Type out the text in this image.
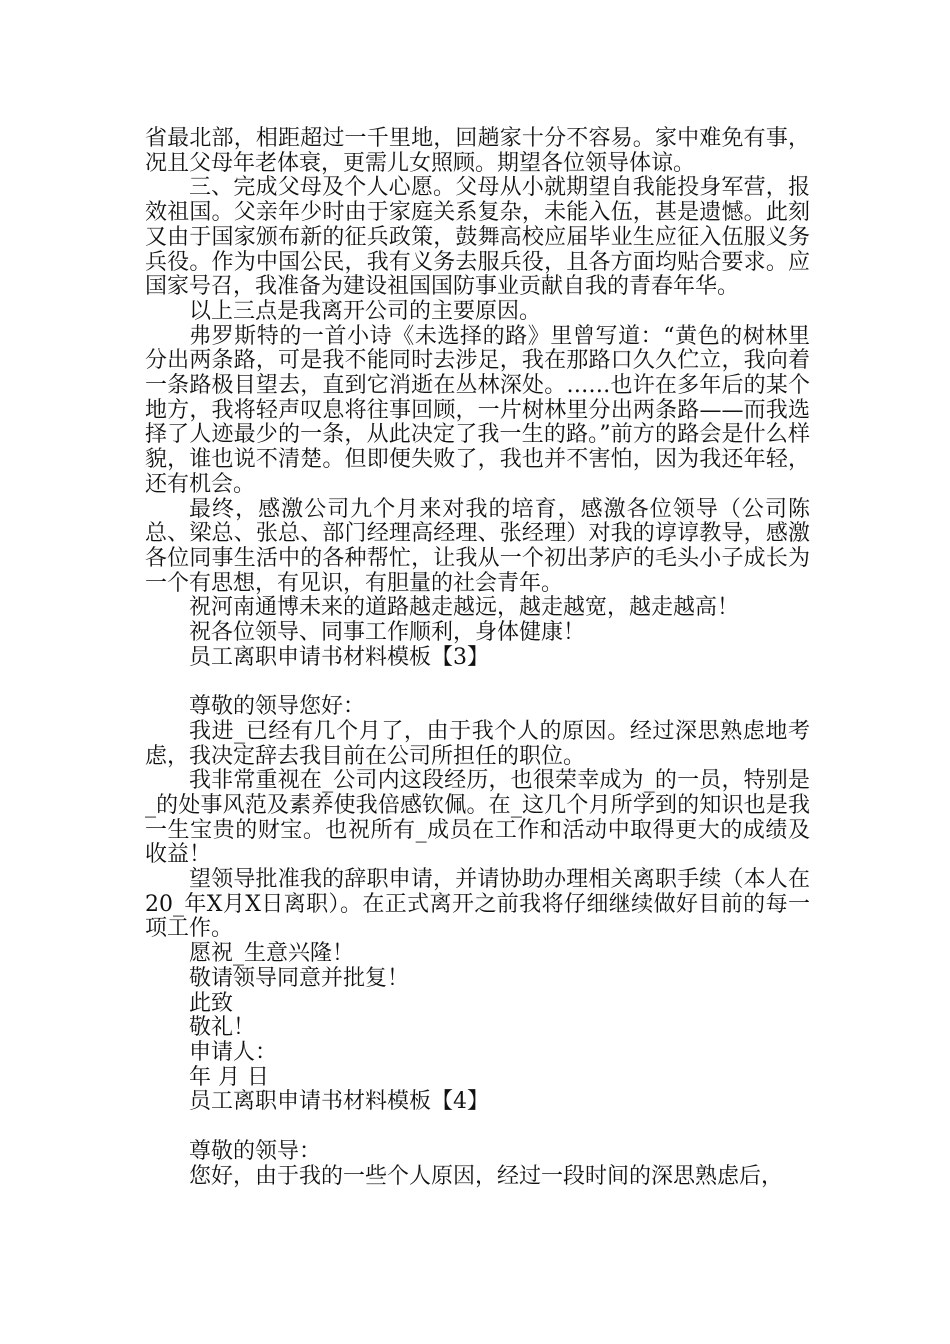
省最北部，相距超过一千里地，回趟家十分不容易。家中难免有事，况且父母年老体衰，更需儿女照顾。期望各位领导体谅。

三、完成父母及个人心愿。父母从小就期望自我能投身军营，报效祖国。父亲年少时由于家庭关系复杂，未能入伍，甚是遗憾。此刻又由于国家颁布新的征兵政策，鼓舞高校应届毕业生应征入伍服义务兵役。作为中国公民，我有义务去服兵役，且各方面均贴合要求。应国家号召，我准备为建设祖国国防事业贡献自我的青春年华。

以上三点是我离开公司的主要原因。

弗罗斯特的一首小诗《未选择的路》里曾写道：“黄色的树林里分出两条路，可是我不能同时去涉足，我在那路口久久伫立，我向着一条路极目望去，直到它消逝在丛林深处。……也许在多年后的某个地方，我将轻声叹息将往事回顾，一片树林里分出两条路——而我选择了人迹最少的一条，从此决定了我一生的路。”前方的路会是什么样貌，谁也说不清楚。但即便失败了，我也并不害怕，因为我还年轻，还有机会。

最终，感激公司九个月来对我的培育，感激各位领导（公司陈总、梁总、张总、部门经理高经理、张经理）对我的谆谆教导，感激各位同事生活中的各种帮忙，让我从一个初出茅庐的毛头小子成长为一个有思想，有见识，有胆量的社会青年。

祝河南通博未来的道路越走越远，越走越宽，越走越高！

祝各位领导、同事工作顺利，身体健康！

员工离职申请书材料模板【3】

尊敬的领导您好：

我进_已经有几个月了，由于我个人的原因。经过深思熟虑地考虑，我决定辞去我目前在公司所担任的职位。

我非常重视在_公司内这段经历，也很荣幸成为_的一员，特别是_的处事风范及素养使我倍感钦佩。在_这几个月所学到的知识也是我一生宝贵的财宝。也祝所有_成员在工作和活动中取得更大的成绩及收益！

望领导批准我的辞职申请，并请协助办理相关离职手续（本人在20_年X月X日离职）。在正式离开之前我将仔细继续做好目前的每一项工作。

愿祝_生意兴隆！

敬请领导同意并批复！

此致

敬礼！

申请人：

年 月 日

员工离职申请书材料模板【4】

尊敬的领导：

您好，由于我的一些个人原因，经过一段时间的深思熟虑后，
